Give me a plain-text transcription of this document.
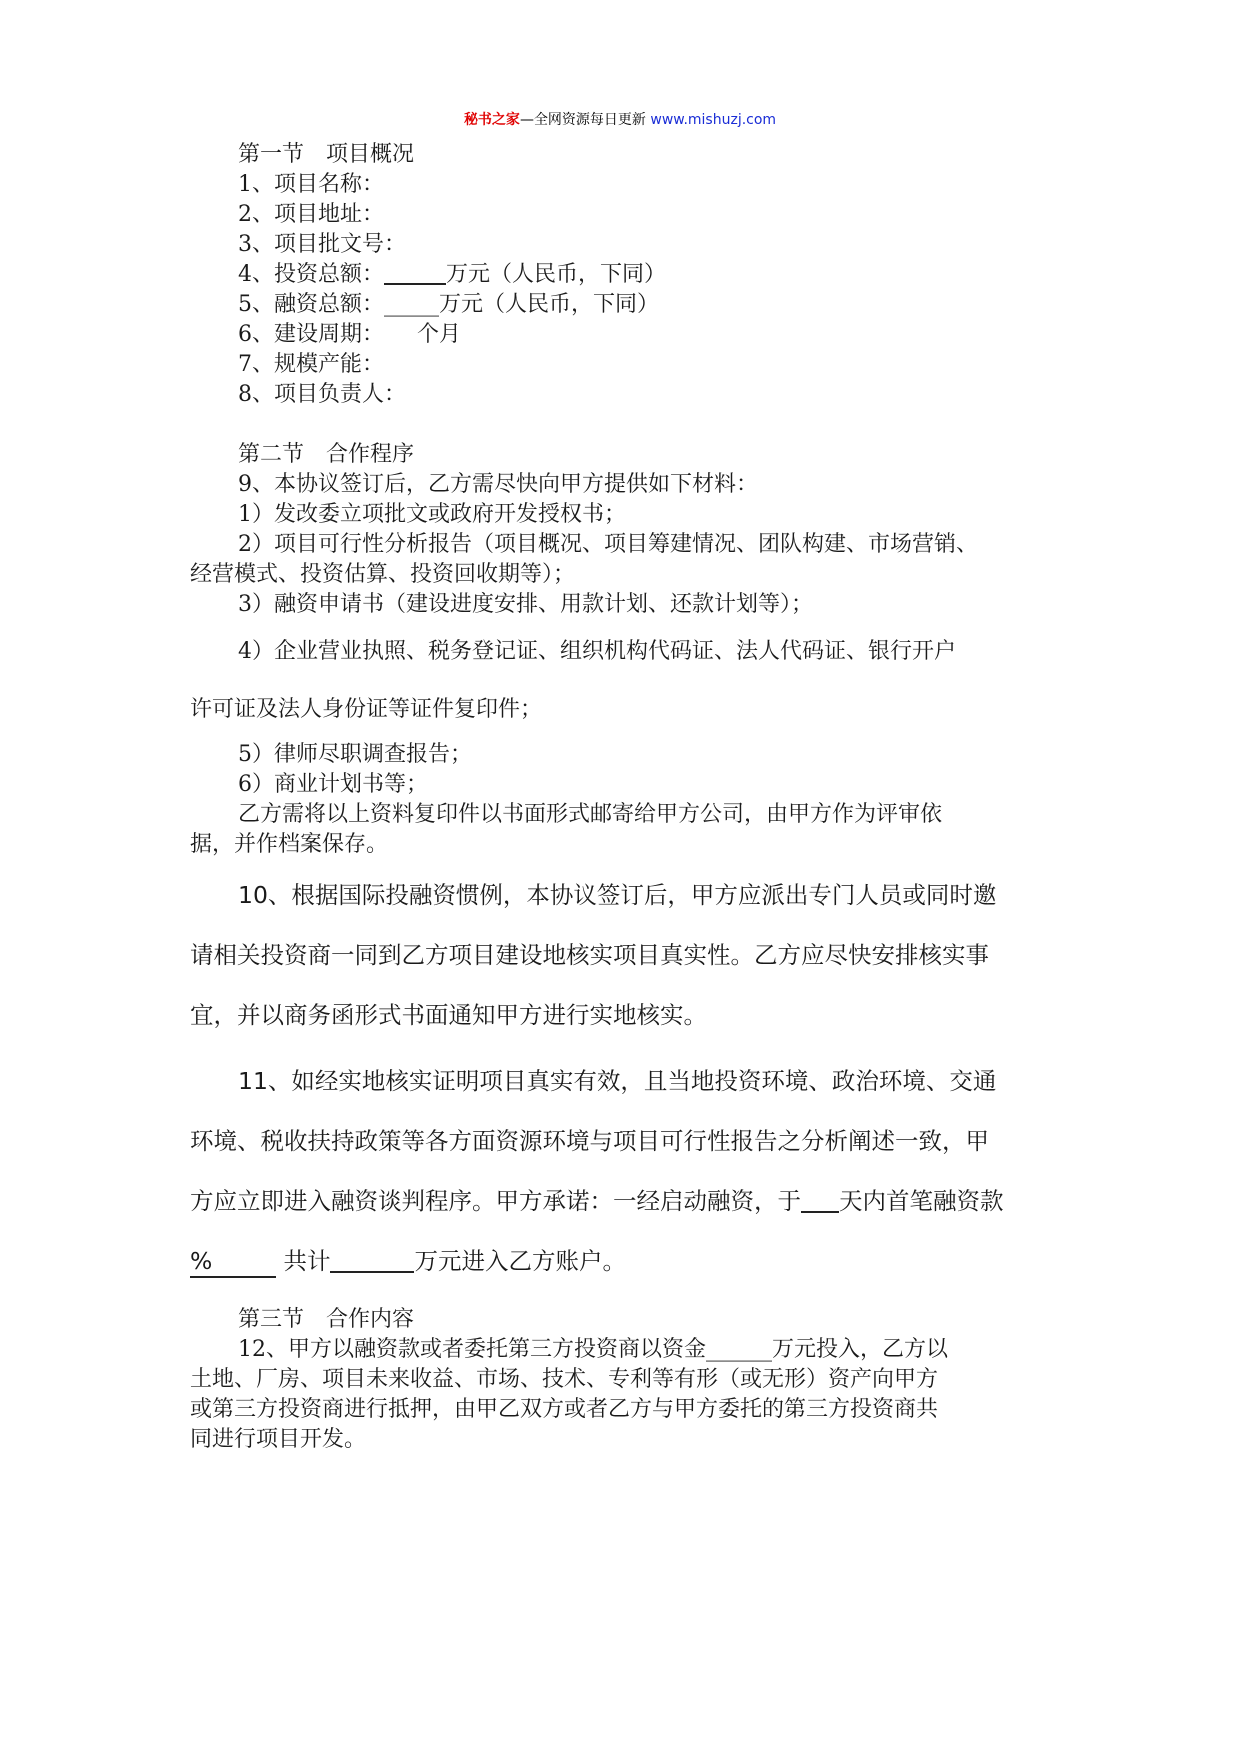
秘书之家—全网资源每日更新 www.mishuzj.com
第一节　项目概况
1、项目名称：
2、项目地址：
3、项目批文号：
4、投资总额：	万元（人民币，下同）
5、融资总额：_____万元（人民币，下同）
6、建设周期：　　个月
7、规模产能：
8、项目负责人：
第二节　合作程序
9、本协议签订后，乙方需尽快向甲方提供如下材料：
1）发改委立项批文或政府开发授权书；
2）项目可行性分析报告（项目概况、项目筹建情况、团队构建、市场营销、
经营模式、投资估算、投资回收期等）；
3）融资申请书（建设进度安排、用款计划、还款计划等）；
4）企业营业执照、税务登记证、组织机构代码证、法人代码证、银行开户
许可证及法人身份证等证件复印件；
5）律师尽职调查报告；
6）商业计划书等；
乙方需将以上资料复印件以书面形式邮寄给甲方公司，由甲方作为评审依
据，并作档案保存。
10、根据国际投融资惯例，本协议签订后，甲方应派出专门人员或同时邀
请相关投资商一同到乙方项目建设地核实项目真实性。乙方应尽快安排核实事
宜，并以商务函形式书面通知甲方进行实地核实。
11、如经实地核实证明项目真实有效，且当地投资环境、政治环境、交通
环境、税收扶持政策等各方面资源环境与项目可行性报告之分析阐述一致，甲
方应立即进入融资谈判程序。甲方承诺：一经启动融资，于 天内首笔融资款
%	共计	万元进入乙方账户。
第三节　合作内容
12、甲方以融资款或者委托第三方投资商以资金______万元投入，乙方以
土地、厂房、项目未来收益、市场、技术、专利等有形（或无形）资产向甲方
或第三方投资商进行抵押，由甲乙双方或者乙方与甲方委托的第三方投资商共
同进行项目开发。
